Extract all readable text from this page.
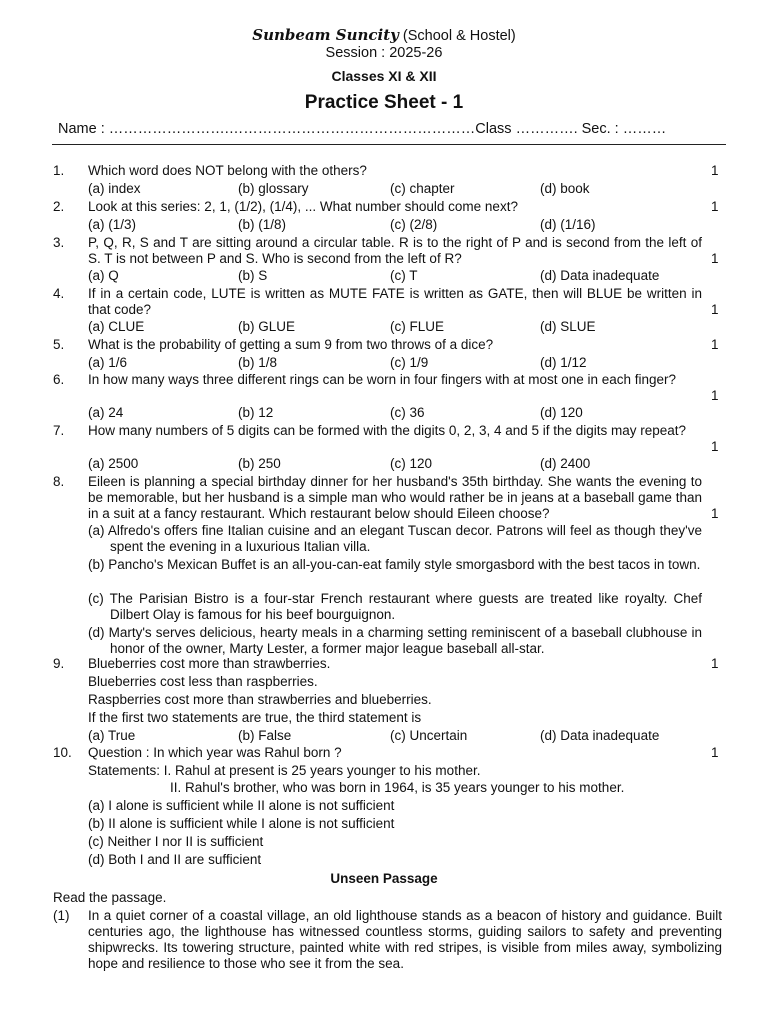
Sunbeam Suncity (School & Hostel)
Session : 2025-26
Classes XI & XII
Practice Sheet - 1
Name : …………………….……………………………………………Class …………. Sec. : ………
1. Which word does NOT belong with the others?	1
(a) index	(b) glossary	(c) chapter	(d) book
2. Look at this series: 2, 1, (1/2), (1/4), ... What number should come next?	1
(a) (1/3)	(b) (1/8)	(c) (2/8)	(d) (1/16)
3. P, Q, R, S and T are sitting around a circular table. R is to the right of P and is second from the left of S. T is not between P and S. Who is second from the left of R?	1
(a) Q	(b) S	(c) T	(d) Data inadequate
4. If in a certain code, LUTE is written as MUTE FATE is written as GATE, then will BLUE be written in that code?	1
(a) CLUE	(b) GLUE	(c) FLUE	(d) SLUE
5. What is the probability of getting a sum 9 from two throws of a dice?	1
(a) 1/6	(b) 1/8	(c) 1/9	(d) 1/12
6. In how many ways three different rings can be worn in four fingers with at most one in each finger?
1
(a) 24	(b) 12	(c) 36	(d) 120
7. How many numbers of 5 digits can be formed with the digits 0, 2, 3, 4 and 5 if the digits may repeat?
1
(a) 2500	(b) 250	(c) 120	(d) 2400
8. Eileen is planning a special birthday dinner for her husband's 35th birthday. She wants the evening to be memorable, but her husband is a simple man who would rather be in jeans at a baseball game than in a suit at a fancy restaurant. Which restaurant below should Eileen choose?	1
(a) Alfredo's offers fine Italian cuisine and an elegant Tuscan decor. Patrons will feel as though they've spent the evening in a luxurious Italian villa.
(b) Pancho's Mexican Buffet is an all-you-can-eat family style smorgasbord with the best tacos in town.
(c) The Parisian Bistro is a four-star French restaurant where guests are treated like royalty. Chef Dilbert Olay is famous for his beef bourguignon.
(d) Marty's serves delicious, hearty meals in a charming setting reminiscent of a baseball clubhouse in honor of the owner, Marty Lester, a former major league baseball all-star.
9. Blueberries cost more than strawberries.	1
Blueberries cost less than raspberries.
Raspberries cost more than strawberries and blueberries.
If the first two statements are true, the third statement is
(a) True	(b) False	(c) Uncertain	(d) Data inadequate
10. Question : In which year was Rahul born ?	1
Statements: I. Rahul at present is 25 years younger to his mother.
II. Rahul's brother, who was born in 1964, is 35 years younger to his mother.
(a) I alone is sufficient while II alone is not sufficient
(b) II alone is sufficient while I alone is not sufficient
(c) Neither I nor II is sufficient
(d) Both I and II are sufficient
Unseen Passage
Read the passage.
(1) In a quiet corner of a coastal village, an old lighthouse stands as a beacon of history and guidance. Built centuries ago, the lighthouse has witnessed countless storms, guiding sailors to safety and preventing shipwrecks. Its towering structure, painted white with red stripes, is visible from miles away, symbolizing hope and resilience to those who see it from the sea.
